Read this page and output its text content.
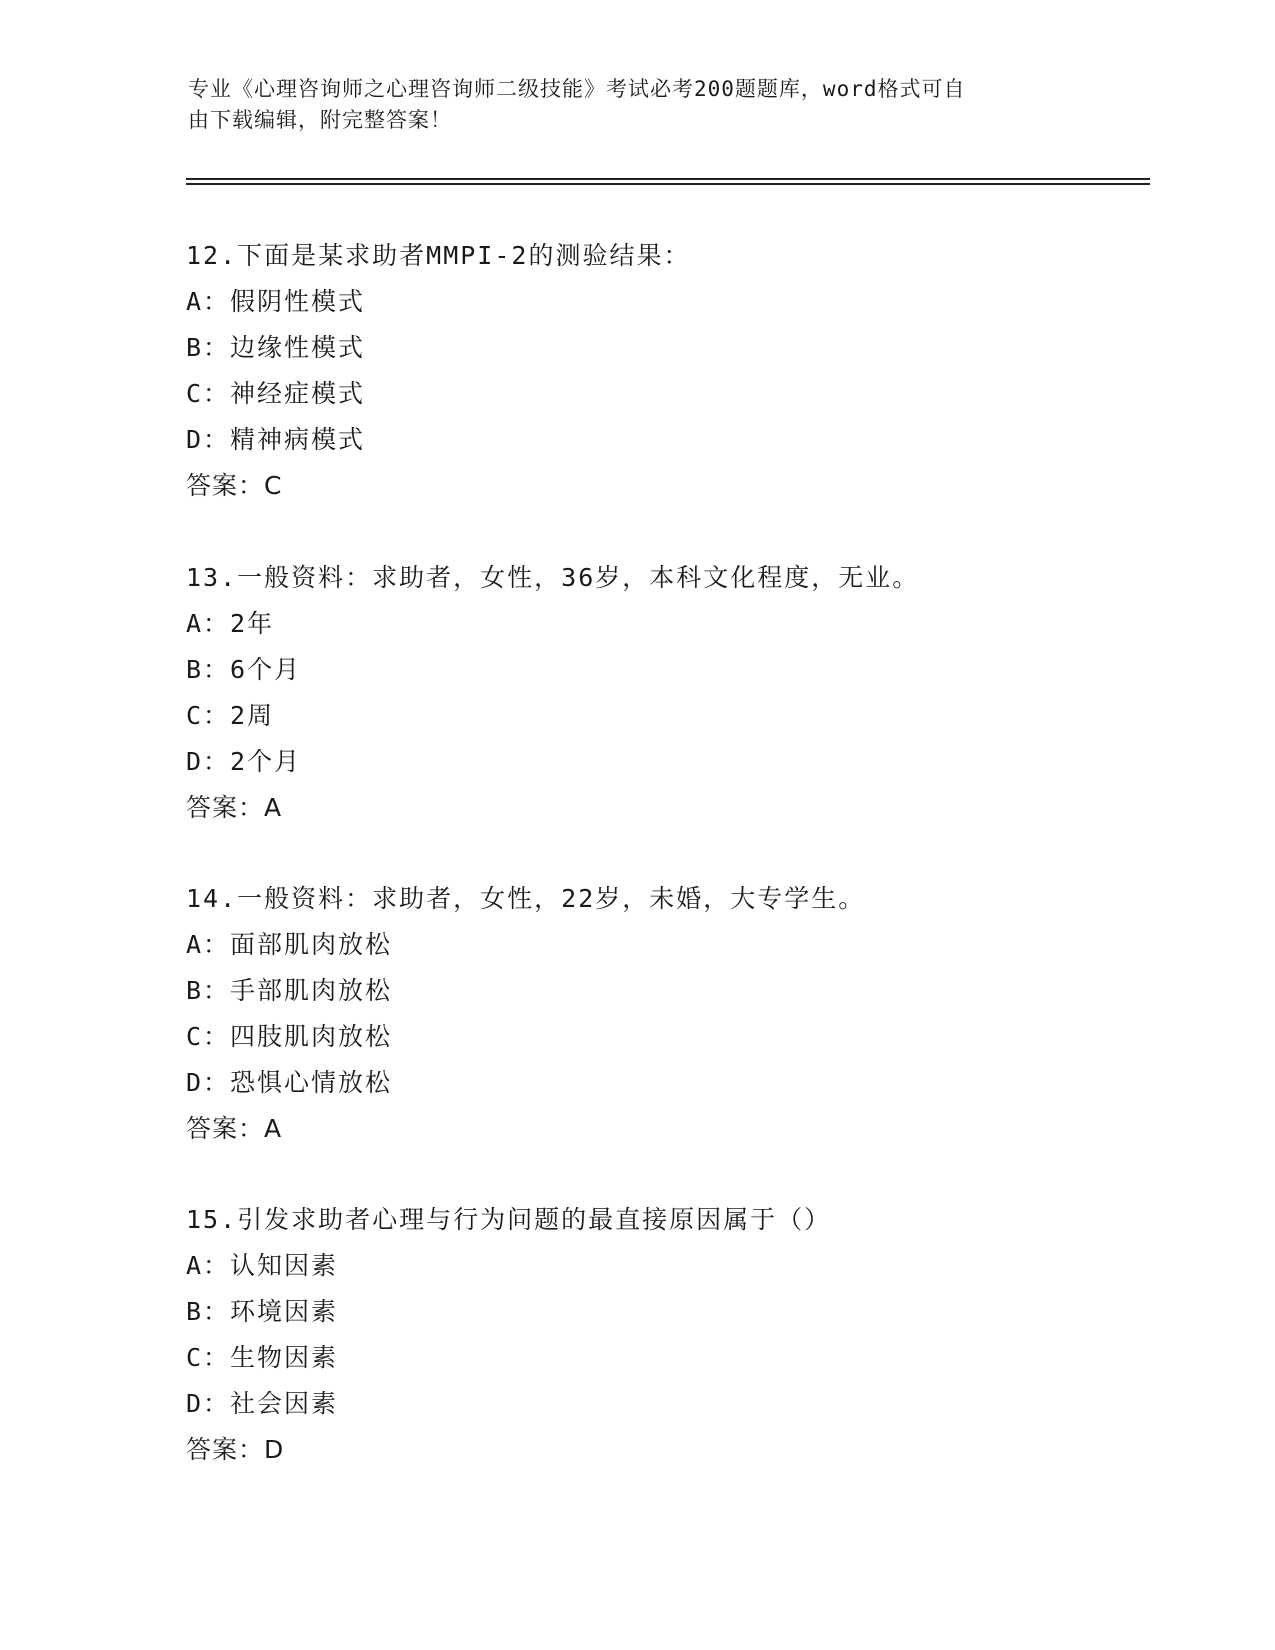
专业《心理咨询师之心理咨询师二级技能》考试必考200题题库，word格式可自
由下载编辑，附完整答案！
12.下面是某求助者MMPI-2的测验结果：
A：假阴性模式
B：边缘性模式
C：神经症模式
D：精神病模式
答案：C
13.一般资料：求助者，女性，36岁，本科文化程度，无业。
A：2年
B：6个月
C：2周
D：2个月
答案：A
14.一般资料：求助者，女性，22岁，未婚，大专学生。
A：面部肌肉放松
B：手部肌肉放松
C：四肢肌肉放松
D：恐惧心情放松
答案：A
15.引发求助者心理与行为问题的最直接原因属于（）
A：认知因素
B：环境因素
C：生物因素
D：社会因素
答案：D
